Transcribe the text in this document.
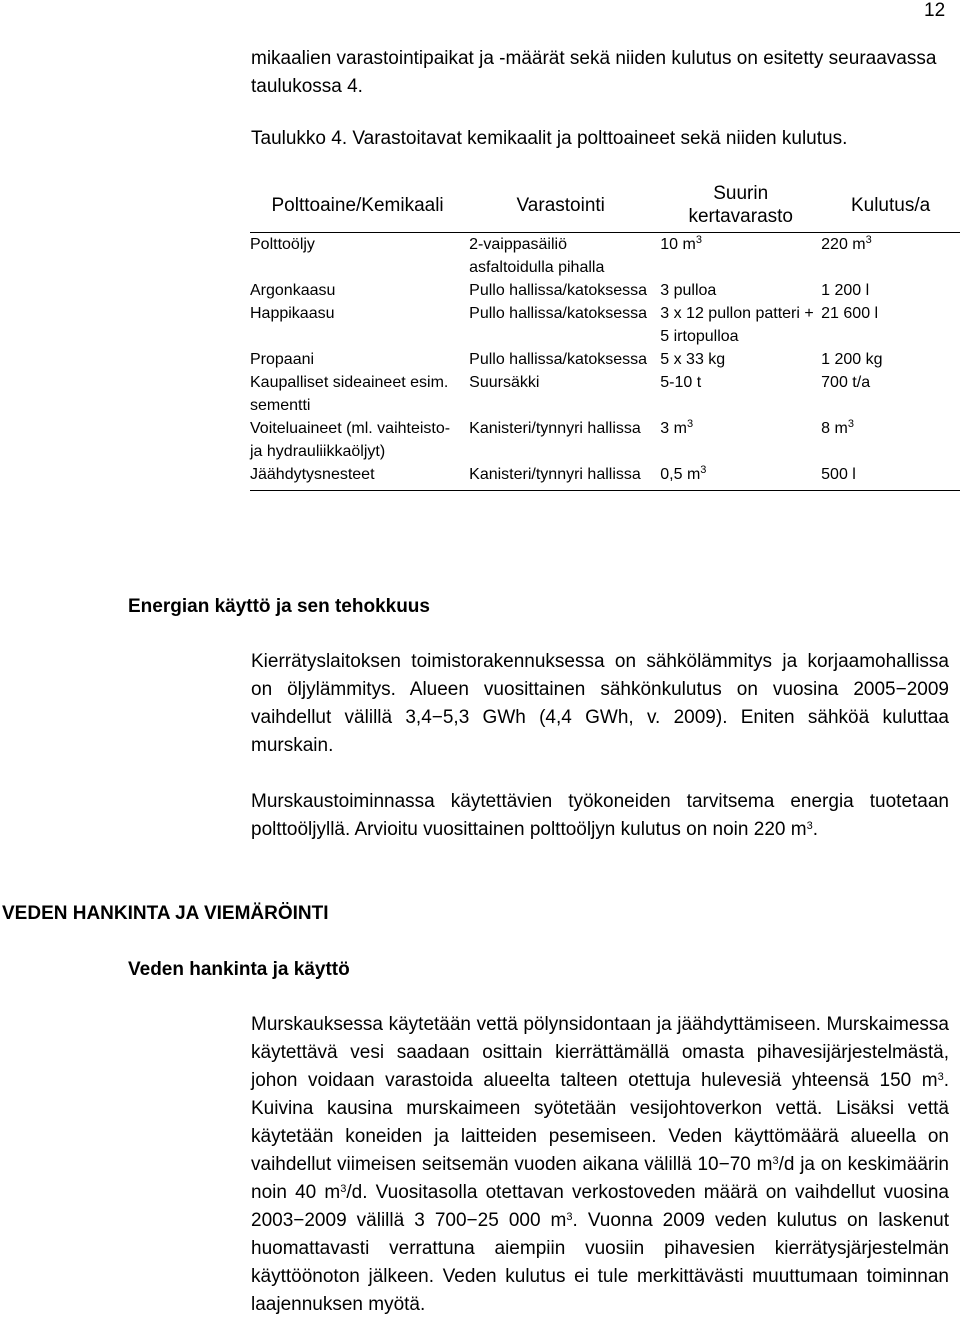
12
mikaalien varastointipaikat ja -määrät sekä niiden kulutus on esitetty seuraavassa taulukossa 4.
Taulukko 4. Varastoitavat kemikaalit ja polttoaineet sekä niiden kulutus.
Polttoaine/Kemikaali	Varastointi	Suurin kertavarasto	Kulutus/a
Polttoöljy	2-vaippasäiliö asfaltoidulla pihalla	10 $m^3$	220 $m^3$
Argonkaasu	Pullo hallissa/katoksessa	3 pulloa	1 200 l
Happikaasu	Pullo hallissa/katoksessa	3 x 12 pullon patteri + 5 irtopulloa	21 600 l
Propaani	Pullo hallissa/katoksessa	5 x 33 kg	1 200 kg
Kaupalliset sideaineet esim. sementti	Suursäkki	5-10 t	700 t/a
Voiteluaineet (ml. vaihteisto- ja hydrauliikkaöljyt)	Kanisteri/tynnyri hallissa	3 $m^3$	8 $m^3$
Jäähdytysnesteet	Kanisteri/tynnyri hallissa	0,5 $m^3$	500 l
Energian käyttö ja sen tehokkuus
Kierrätyslaitoksen toimistorakennuksessa on sähkölämmitys ja korjaamohallissa on öljylämmitys. Alueen vuosittainen sähkönkulutus on vuosina 2005−2009 vaihdellut välillä 3,4−5,3 GWh (4,4 GWh, v. 2009). Eniten sähköä kuluttaa murskain.
Murskaustoiminnassa käytettävien työkoneiden tarvitsema energia tuotetaan polttoöljyllä. Arvioitu vuosittainen polttoöljyn kulutus on noin 220 $m^3$.
VEDEN HANKINTA JA VIEMÄRÖINTI
Veden hankinta ja käyttö
Murskauksessa käytetään vettä pölynsidontaan ja jäähdyttämiseen. Murskaimessa käytettävä vesi saadaan osittain kierrättämällä omasta pihavesijärjestelmästä, johon voidaan varastoida alueelta talteen otettuja hulevesiä yhteensä 150 $m^3$. Kuivina kausina murskaimeen syötetään vesijohtoverkon vettä. Lisäksi vettä käytetään koneiden ja laitteiden pesemiseen. Veden käyttömäärä alueella on vaihdellut viimeisen seitsemän vuoden aikana välillä 10−70 $m^3/d$ ja on keskimäärin noin 40 $m^3/d$. Vuositasolla otettavan verkostoveden määrä on vaihdellut vuosina 2003−2009 välillä 3 700−25 000 $m^3$. Vuonna 2009 veden kulutus on laskenut huomattavasti verrattuna aiempiin vuosiin pihavesien kierrätysjärjestelmän käyttöönoton jälkeen. Veden kulutus ei tule merkittävästi muuttumaan toiminnan laajennuksen myötä.
